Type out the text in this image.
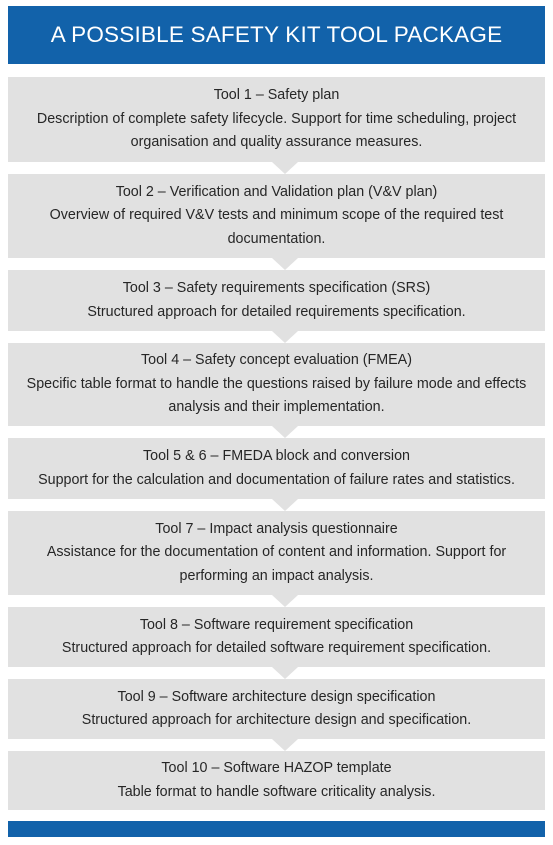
A POSSIBLE SAFETY KIT TOOL PACKAGE
Tool 1 – Safety plan
Description of complete safety lifecycle. Support for time scheduling, project organisation and quality assurance measures.
Tool 2 – Verification and Validation plan (V&V plan)
Overview of required V&V tests and minimum scope of the required test documentation.
Tool 3 – Safety requirements specification (SRS)
Structured approach for detailed requirements specification.
Tool 4 – Safety concept evaluation (FMEA)
Specific table format to handle the questions raised by failure mode and effects analysis and their implementation.
Tool 5 & 6 – FMEDA block and conversion
Support for the calculation and documentation of failure rates and statistics.
Tool 7 – Impact analysis questionnaire
Assistance for the documentation of content and information. Support for performing an impact analysis.
Tool 8 – Software requirement specification
Structured approach for detailed software requirement specification.
Tool 9 – Software architecture design specification
Structured approach for architecture design and specification.
Tool 10 – Software HAZOP template
Table format to handle software criticality analysis.
